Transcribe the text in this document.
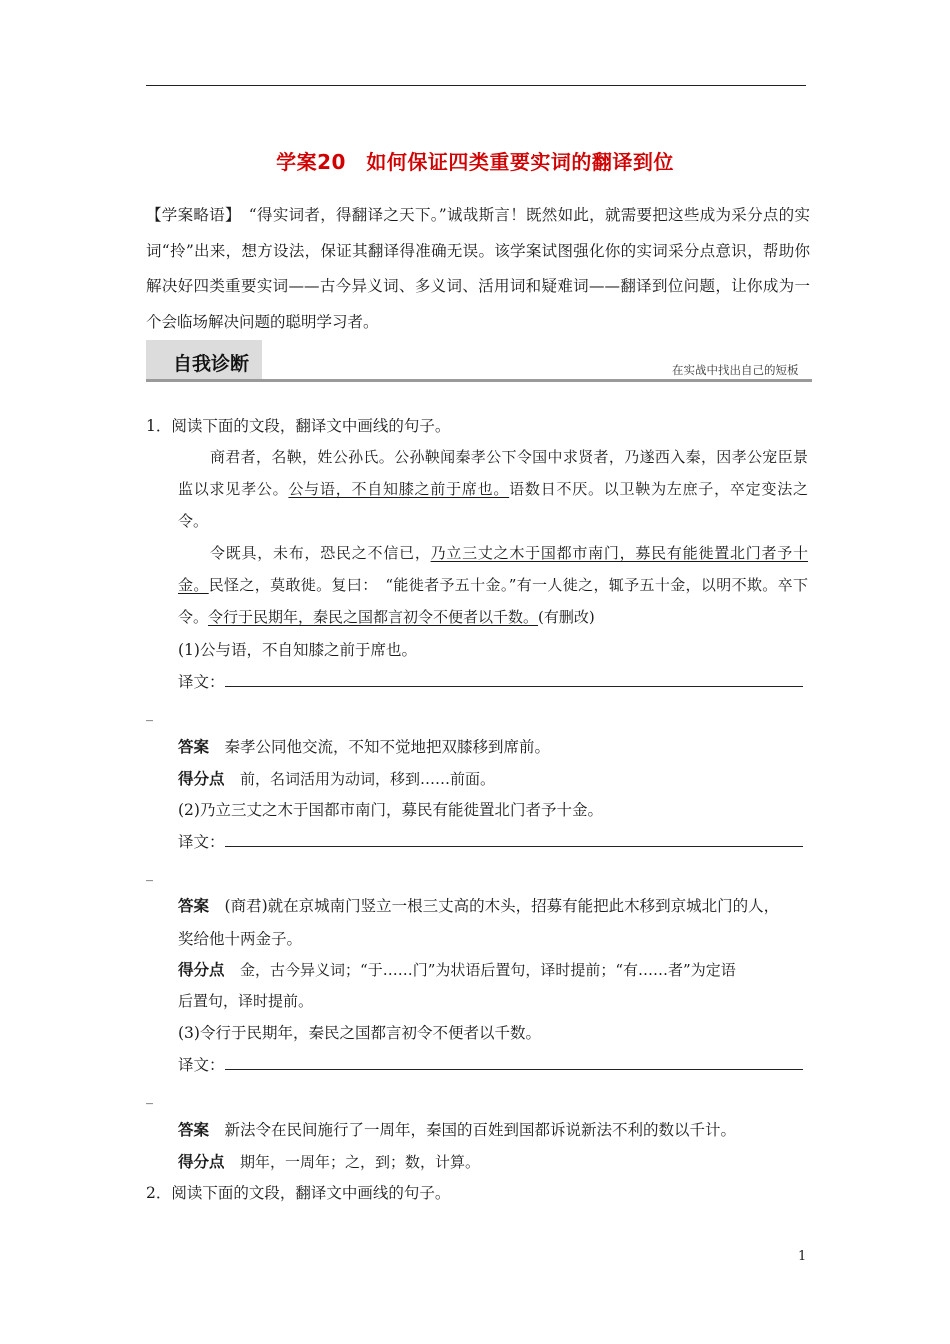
学案20　如何保证四类重要实词的翻译到位
【学案略语】　“得实词者，得翻译之天下。”诚哉斯言！既然如此，就需要把这些成为采分点的实词“拎”出来，想方设法，保证其翻译得准确无误。该学案试图强化你的实词采分点意识，帮助你解决好四类重要实词——古今异义词、多义词、活用词和疑难词——翻译到位问题，让你成为一个会临场解决问题的聪明学习者。
自我诊断	在实战中找出自己的短板
1．阅读下面的文段，翻译文中画线的句子。

商君者，名鞅，姓公孙氏。公孙鞅闻秦孝公下令国中求贤者，乃遂西入秦，因孝公宠臣景监以求见孝公。公与语，不自知膝之前于席也。语数日不厌。以卫鞅为左庶子，卒定变法之令。

令既具，未布，恐民之不信已，乃立三丈之木于国都市南门，募民有能徙置北门者予十金。民怪之，莫敢徙。复曰：　“能徙者予五十金。”有一人徙之，辄予五十金，以明不欺。卒下令。令行于民期年，秦民之国都言初令不便者以千数。(有删改)

(1)公与语，不自知膝之前于席也。
译文：
_
答案　 秦孝公同他交流，不知不觉地把双膝移到席前。
得分点　 前，名词活用为动词，移到……前面。
(2)乃立三丈之木于国都市南门，募民有能徙置北门者予十金。
译文：
_
答案　 (商君)就在京城南门竖立一根三丈高的木头，招募有能把此木移到京城北门的人，
奖给他十两金子。
得分点　 金，古今异义词；“于……门”为状语后置句，译时提前；“有……者”为定语
后置句，译时提前。
(3)令行于民期年，秦民之国都言初令不便者以千数。
译文：
_
答案　 新法令在民间施行了一周年，秦国的百姓到国都诉说新法不利的数以千计。
得分点　 期年，一周年；之，到；数，计算。
2．阅读下面的文段，翻译文中画线的句子。
1
